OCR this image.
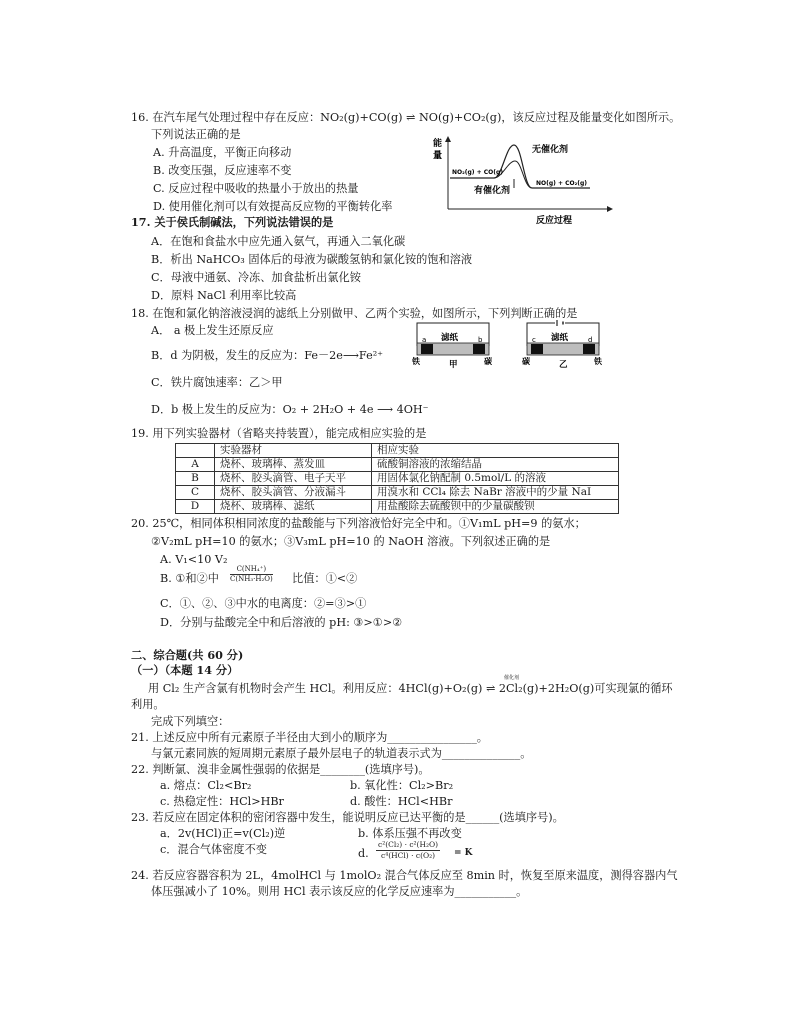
16. 在汽车尾气处理过程中存在反应：NO₂(g)+CO(g) ⇌ NO(g)+CO₂(g)，该反应过程及能量变化如图所示。
下列说法正确的是
A. 升高温度，平衡正向移动
B. 改变压强，反应速率不变
C. 反应过程中吸收的热量小于放出的热量
D. 使用催化剂可以有效提高反应物的平衡转化率
能
量
反应过程
NO₂(g) + CO(g)
NO(g) + CO₂(g)
无催化剂
有催化剂
17. 关于侯氏制碱法，下列说法错误的是
A．在饱和食盐水中应先通入氨气，再通入二氧化碳
B．析出 NaHCO₃ 固体后的母液为碳酸氢钠和氯化铵的饱和溶液
C．母液中通氨、冷冻、加食盐析出氯化铵
D．原料 NaCl 利用率比较高
18. 在饱和氯化钠溶液浸润的滤纸上分别做甲、乙两个实验，如图所示，下列判断正确的是
A． a 极上发生还原反应
B．d 为阴极，发生的反应为：Fe－2e⟶Fe²⁺
C．铁片腐蚀速率：乙＞甲
D．b 极上发生的反应为：O₂ + 2H₂O + 4e ⟶ 4OH⁻
滤纸
a	b
铁	碳
甲
滤纸
c	d
碳	铁
乙
19. 用下列实验器材（省略夹持装置），能完成相应实验的是
	实验器材	相应实验
A	烧杯、玻璃棒、蒸发皿	硫酸铜溶液的浓缩结晶
B	烧杯、胶头滴管、电子天平	用固体氯化钠配制 0.5mol/L 的溶液
C	烧杯、胶头滴管、分液漏斗	用溴水和 CCl₄ 除去 NaBr 溶液中的少量 NaI
D	烧杯、玻璃棒、滤纸	用盐酸除去硫酸钡中的少量碳酸钡
20. 25℃，相同体积相同浓度的盐酸能与下列溶液恰好完全中和。①V₁mL pH=9 的氨水；
②V₂mL pH=10 的氨水；③V₃mL pH=10 的 NaOH 溶液。下列叙述正确的是
A. V₁<10 V₂
B. ①和②中 $\frac{\text{C(NH₄⁺)}}{\text{C(NH₃·H₂O)}}$ 比值：①<②
C．①、②、③中水的电离度：②=③>①
D．分别与盐酸完全中和后溶液的 pH: ③>①>②
二、综合题(共 60 分)
（一）（本题 14 分）
用 Cl₂ 生产含氯有机物时会产生 HCl。利用反应：4HCl(g)+O₂(g) ⇌ 2Cl₂(g)+2H₂O(g)可实现氯的循环
催化剂
利用。
完成下列填空：
21. 上述反应中所有元素原子半径由大到小的顺序为________________。
与氯元素同族的短周期元素原子最外层电子的轨道表示式为______________。
22. 判断氯、溴非金属性强弱的依据是________(选填序号)。
a. 熔点：Cl₂<Br₂	b. 氧化性：Cl₂>Br₂
c. 热稳定性：HCl>HBr	d. 酸性：HCl<HBr
23. 若反应在固定体积的密闭容器中发生，能说明反应已达平衡的是______(选填序号)。
a．2v(HCl)正=v(Cl₂)逆	b. 体系压强不再改变
c．混合气体密度不变	d.
c²(Cl₂) · c²(H₂O)
c⁴(HCl) · c(O₂)	= K
24. 若反应容器容积为 2L，4molHCl 与 1molO₂ 混合气体反应至 8min 时，恢复至原来温度，测得容器内气
体压强减小了 10%。则用 HCl 表示该反应的化学反应速率为___________。
